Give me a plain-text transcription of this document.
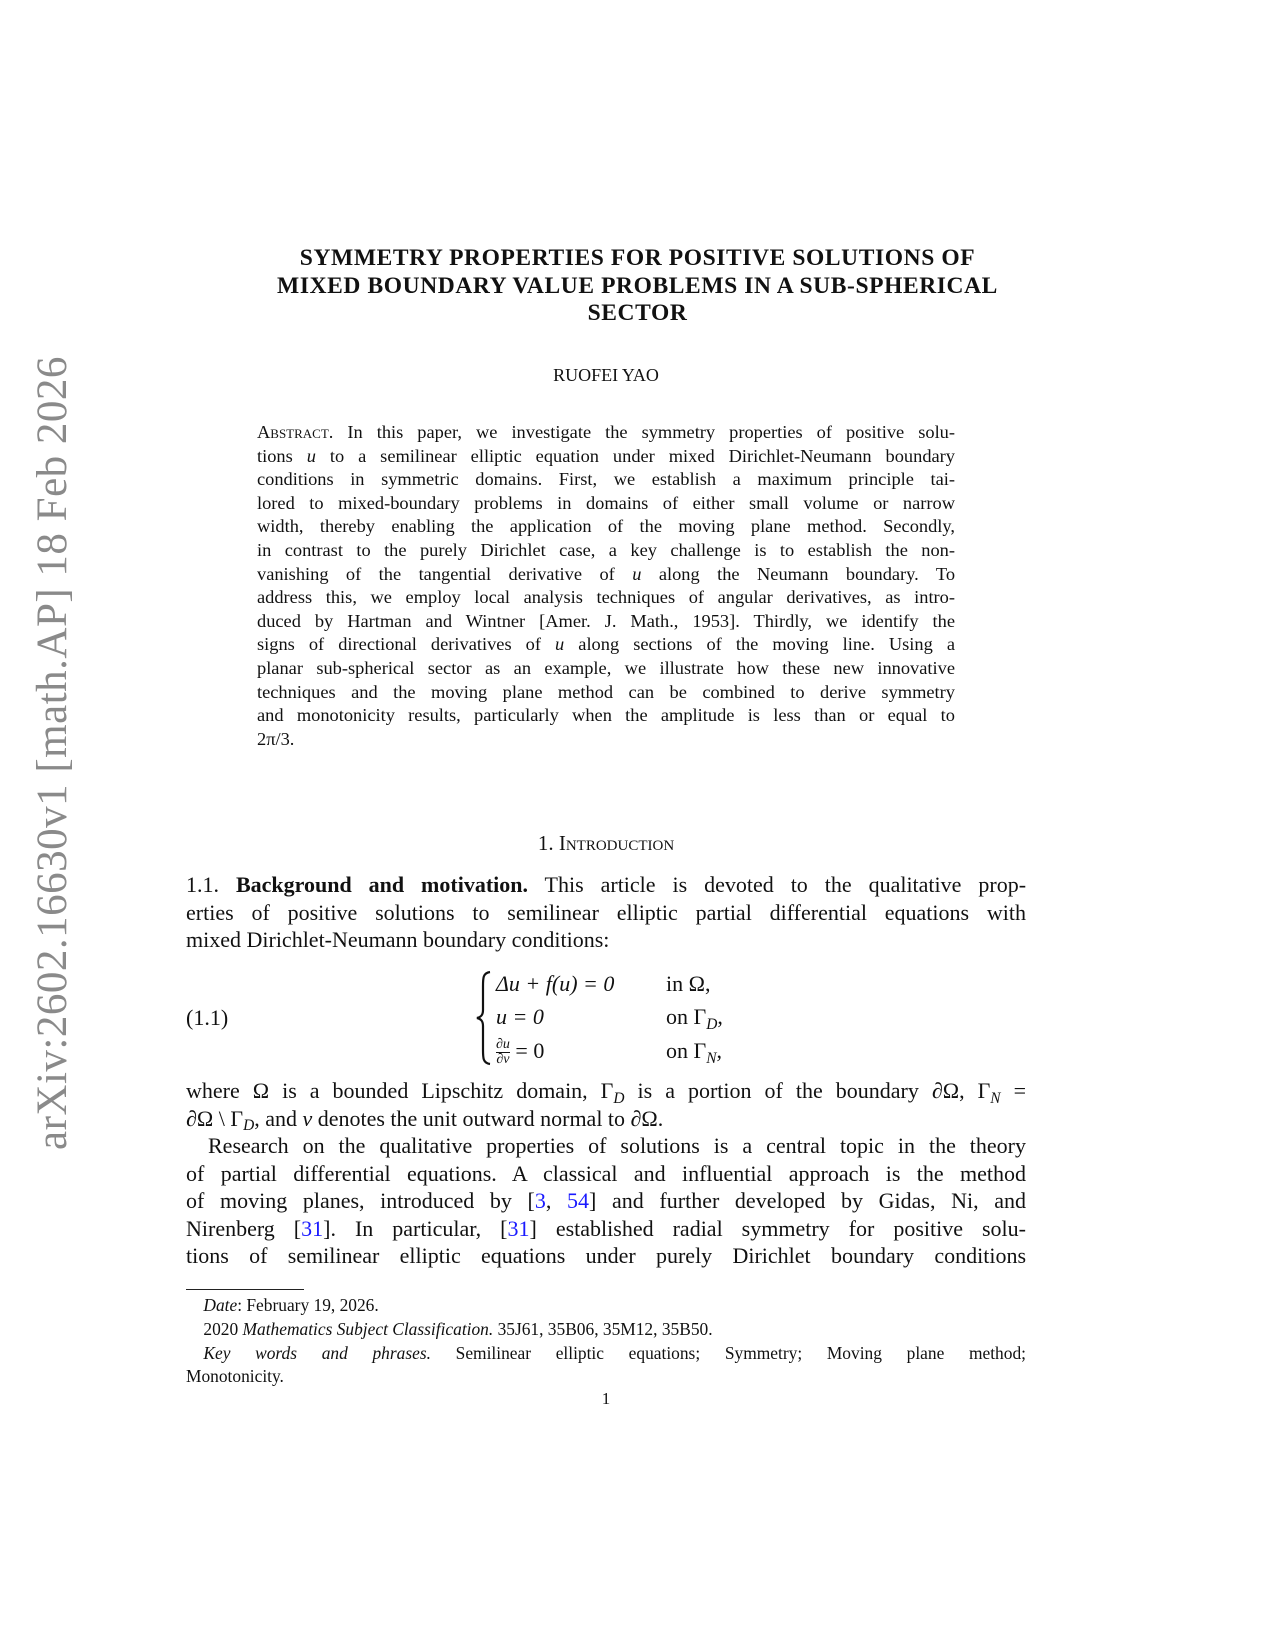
arXiv:2602.16630v1 [math.AP] 18 Feb 2026
SYMMETRY PROPERTIES FOR POSITIVE SOLUTIONS OF
MIXED BOUNDARY VALUE PROBLEMS IN A SUB-SPHERICAL
SECTOR
RUOFEI YAO
Abstract. In this paper, we investigate the symmetry properties of positive solu-
tions u to a semilinear elliptic equation under mixed Dirichlet-Neumann boundary
conditions in symmetric domains. First, we establish a maximum principle tai-
lored to mixed-boundary problems in domains of either small volume or narrow
width, thereby enabling the application of the moving plane method. Secondly,
in contrast to the purely Dirichlet case, a key challenge is to establish the non-
vanishing of the tangential derivative of u along the Neumann boundary. To
address this, we employ local analysis techniques of angular derivatives, as intro-
duced by Hartman and Wintner [Amer. J. Math., 1953]. Thirdly, we identify the
signs of directional derivatives of u along sections of the moving line. Using a
planar sub-spherical sector as an example, we illustrate how these new innovative
techniques and the moving plane method can be combined to derive symmetry
and monotonicity results, particularly when the amplitude is less than or equal to
2π/3.
1. Introduction
1.1. Background and motivation. This article is devoted to the qualitative prop-
erties of positive solutions to semilinear elliptic partial differential equations with
mixed Dirichlet-Neumann boundary conditions:
(1.1)
Δu + f(u) = 0 in Ω,
u = 0	on $\Gamma_D$,
$\frac{\partial u}{\partial\nu} = 0$	on $\Gamma_N$,
where Ω is a bounded Lipschitz domain, $\Gamma_D$ is a portion of the boundary ∂Ω, $\Gamma_N$ =
∂Ω \ $\Gamma_D$, and ν denotes the unit outward normal to ∂Ω.
 Research on the qualitative properties of solutions is a central topic in the theory
of partial differential equations. A classical and influential approach is the method
of moving planes, introduced by [3, 54] and further developed by Gidas, Ni, and
Nirenberg [31]. In particular, [31] established radial symmetry for positive solu-
tions of semilinear elliptic equations under purely Dirichlet boundary conditions
 Date: February 19, 2026.
 2020 Mathematics Subject Classification. 35J61, 35B06, 35M12, 35B50.
 Key words and phrases. Semilinear elliptic equations; Symmetry; Moving plane method;
Monotonicity.
1
